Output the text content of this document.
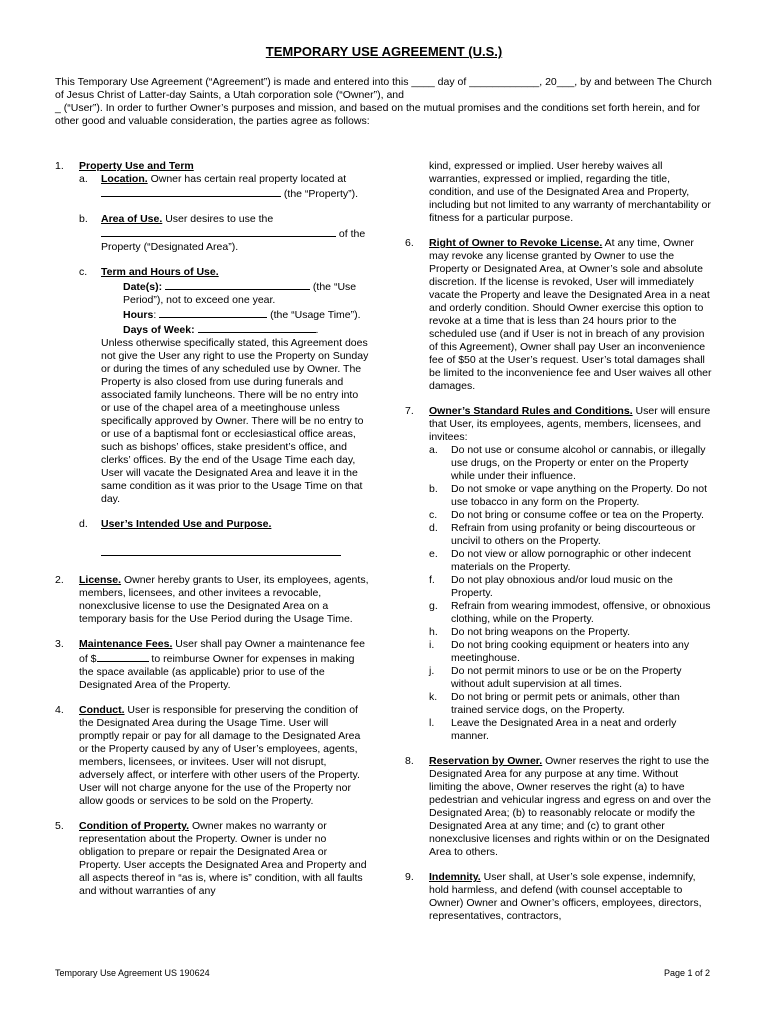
TEMPORARY USE AGREEMENT (U.S.)

This Temporary Use Agreement (“Agreement”) is made and entered into this ____ day of ____________, 20___, by and between The Church of Jesus Christ of Latter-day Saints, a Utah corporation sole (“Owner”), and

_ (“User”). In order to further Owner’s purposes and mission, and based on the mutual promises and the conditions set forth herein, and for other good and valuable consideration, the parties agree as follows:

1. Property Use and Term
a. Location. Owner has certain real property located at
(the “Property”).
b. Area of Use. User desires to use the
of the Property (“Designated Area”).
c. Term and Hours of Use.
Date(s):	(the “Use Period”), not to exceed one year.
Hours:	(the “Usage Time”).
Days of Week:	.

Unless otherwise specifically stated, this Agreement does not give the User any right to use the Property on Sunday or during the times of any scheduled use by Owner. The Property is also closed from use during funerals and associated family luncheons. There will be no entry into or use of the chapel area of a meetinghouse unless specifically approved by Owner. There will be no entry to or use of a baptismal font or ecclesiastical office areas, such as bishops’ offices, stake president’s office, and clerks’ offices. By the end of the Usage Time each day, User will vacate the Designated Area and leave it in the same condition as it was prior to the Usage Time on that day.

d. User’s Intended Use and Purpose.
2. License. Owner hereby grants to User, its employees, agents, members, licensees, and other invitees a revocable, nonexclusive license to use the Designated Area on a temporary basis for the Use Period during the Usage Time.
3. Maintenance Fees. User shall pay Owner a maintenance fee of $	to reimburse Owner for expenses in making the space available (as applicable) prior to use of the Designated Area of the Property.
4. Conduct. User is responsible for preserving the condition of the Designated Area during the Usage Time. User will promptly repair or pay for all damage to the Designated Area or the Property caused by any of User’s employees, agents, members, licensees, or invitees. User will not disrupt, adversely affect, or interfere with other users of the Property. User will not charge anyone for the use of the Property nor allow goods or services to be sold on the Property.
5. Condition of Property. Owner makes no warranty or representation about the Property. Owner is under no obligation to prepare or repair the Designated Area or Property. User accepts the Designated Area and Property and all aspects thereof in “as is, where is” condition, with all faults and without warranties of any

kind, expressed or implied. User hereby waives all warranties, expressed or implied, regarding the title, condition, and use of the Designated Area and Property, including but not limited to any warranty of merchantability or fitness for a particular purpose.

6. Right of Owner to Revoke License. At any time, Owner may revoke any license granted by Owner to use the Property or Designated Area, at Owner’s sole and absolute discretion. If the license is revoked, User will immediately vacate the Property and leave the Designated Area in a neat and orderly condition. Should Owner exercise this option to revoke at a time that is less than 24 hours prior to the scheduled use (and if User is not in breach of any provision of this Agreement), Owner shall pay User an inconvenience fee of $50 at the User’s request. User’s total damages shall be limited to the inconvenience fee and User waives all other damages.
7. Owner’s Standard Rules and Conditions. User will ensure that User, its employees, agents, members, licensees, and invitees:
a. Do not use or consume alcohol or cannabis, or illegally use drugs, on the Property or enter on the Property while under their influence.
b. Do not smoke or vape anything on the Property. Do not use tobacco in any form on the Property.
c. Do not bring or consume coffee or tea on the Property.
d. Refrain from using profanity or being discourteous or uncivil to others on the Property.
e. Do not view or allow pornographic or other indecent materials on the Property.
f. Do not play obnoxious and/or loud music on the Property.
g. Refrain from wearing immodest, offensive, or obnoxious clothing, while on the Property.
h. Do not bring weapons on the Property.
i. Do not bring cooking equipment or heaters into any meetinghouse.
j. Do not permit minors to use or be on the Property without adult supervision at all times.
k. Do not bring or permit pets or animals, other than trained service dogs, on the Property.
l. Leave the Designated Area in a neat and orderly manner.
8. Reservation by Owner. Owner reserves the right to use the Designated Area for any purpose at any time. Without limiting the above, Owner reserves the right (a) to have pedestrian and vehicular ingress and egress on and over the Designated Area; (b) to reasonably relocate or modify the Designated Area at any time; and (c) to grant other nonexclusive licenses and rights within or on the Designated Area to others.
9. Indemnity. User shall, at User’s sole expense, indemnify, hold harmless, and defend (with counsel acceptable to Owner) Owner and Owner’s officers, employees, directors, representatives, contractors,
Temporary Use Agreement US 190624	Page 1 of 2
